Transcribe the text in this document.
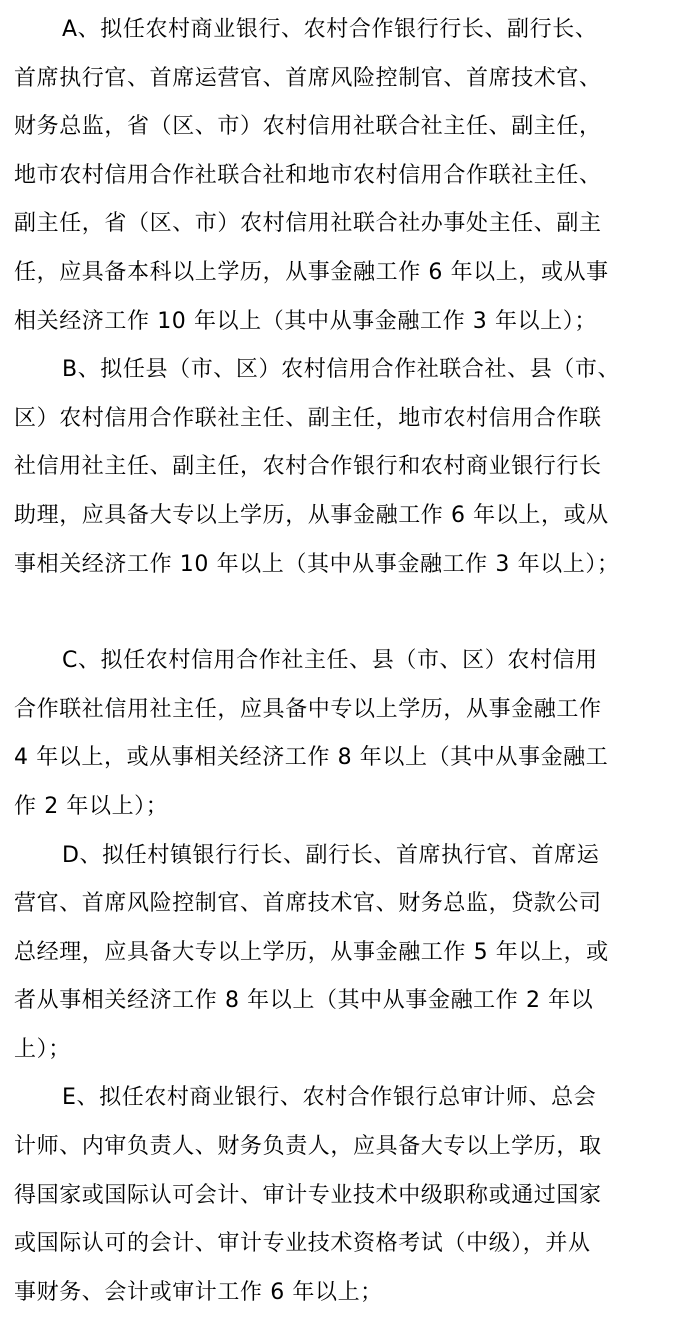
A、拟任农村商业银行、农村合作银行行长、副行长、
首席执行官、首席运营官、首席风险控制官、首席技术官、
财务总监，省（区、市）农村信用社联合社主任、副主任，
地市农村信用合作社联合社和地市农村信用合作联社主任、
副主任，省（区、市）农村信用社联合社办事处主任、副主
任，应具备本科以上学历，从事金融工作 6 年以上，或从事
相关经济工作 10 年以上（其中从事金融工作 3 年以上）；
B、拟任县（市、区）农村信用合作社联合社、县（市、
区）农村信用合作联社主任、副主任，地市农村信用合作联
社信用社主任、副主任，农村合作银行和农村商业银行行长
助理，应具备大专以上学历，从事金融工作 6 年以上，或从
事相关经济工作 10 年以上（其中从事金融工作 3 年以上）；
C、拟任农村信用合作社主任、县（市、区）农村信用
合作联社信用社主任，应具备中专以上学历，从事金融工作
4 年以上，或从事相关经济工作 8 年以上（其中从事金融工
作 2 年以上）；
D、拟任村镇银行行长、副行长、首席执行官、首席运
营官、首席风险控制官、首席技术官、财务总监，贷款公司
总经理，应具备大专以上学历，从事金融工作 5 年以上，或
者从事相关经济工作 8 年以上（其中从事金融工作 2 年以
上）；
E、拟任农村商业银行、农村合作银行总审计师、总会
计师、内审负责人、财务负责人，应具备大专以上学历，取
得国家或国际认可会计、审计专业技术中级职称或通过国家
或国际认可的会计、审计专业技术资格考试（中级），并从
事财务、会计或审计工作 6 年以上；
